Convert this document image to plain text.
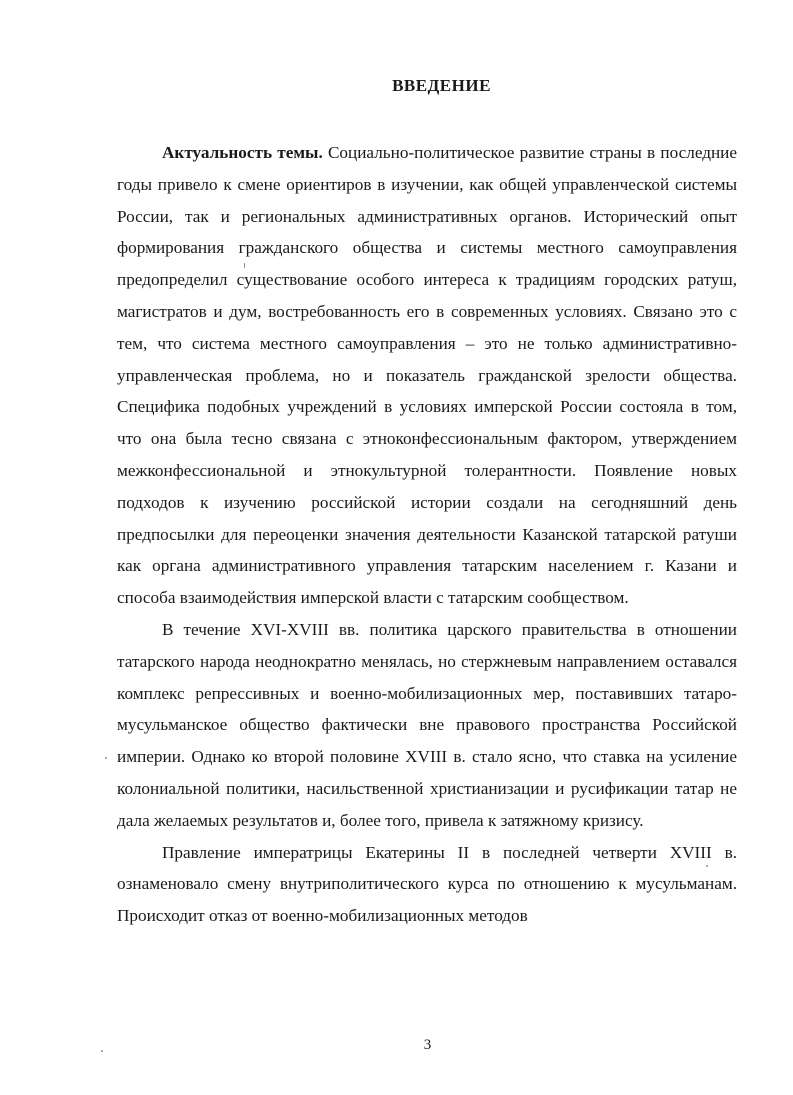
ВВЕДЕНИЕ

Актуальность темы. Социально-политическое развитие страны в последние годы привело к смене ориентиров в изучении, как общей управленческой системы России, так и региональных административных органов. Исторический опыт формирования гражданского общества и системы местного самоуправления предопределил существование особого интереса к традициям городских ратуш, магистратов и дум, востребованность его в современных условиях. Связано это с тем, что система местного самоуправления – это не только административно-управленческая проблема, но и показатель гражданской зрелости общества. Специфика подобных учреждений в условиях имперской России состояла в том, что она была тесно связана с этноконфессиональным фактором, утверждением межконфессиональной и этнокультурной толерантности. Появление новых подходов к изучению российской истории создали на сегодняшний день предпосылки для переоценки значения деятельности Казанской татарской ратуши как органа административного управления татарским населением г. Казани и способа взаимодействия имперской власти с татарским сообществом.

В течение XVI-XVIII вв. политика царского правительства в отношении татарского народа неоднократно менялась, но стержневым направлением оставался комплекс репрессивных и военно-мобилизационных мер, поставивших татаро-мусульманское общество фактически вне правового пространства Российской империи. Однако ко второй половине XVIII в. стало ясно, что ставка на усиление колониальной политики, насильственной христианизации и русификации татар не дала желаемых результатов и, более того, привела к затяжному кризису.

Правление императрицы Екатерины II в последней четверти XVIII в. ознаменовало смену внутриполитического курса по отношению к мусульманам. Происходит отказ от военно-мобилизационных методов

3
